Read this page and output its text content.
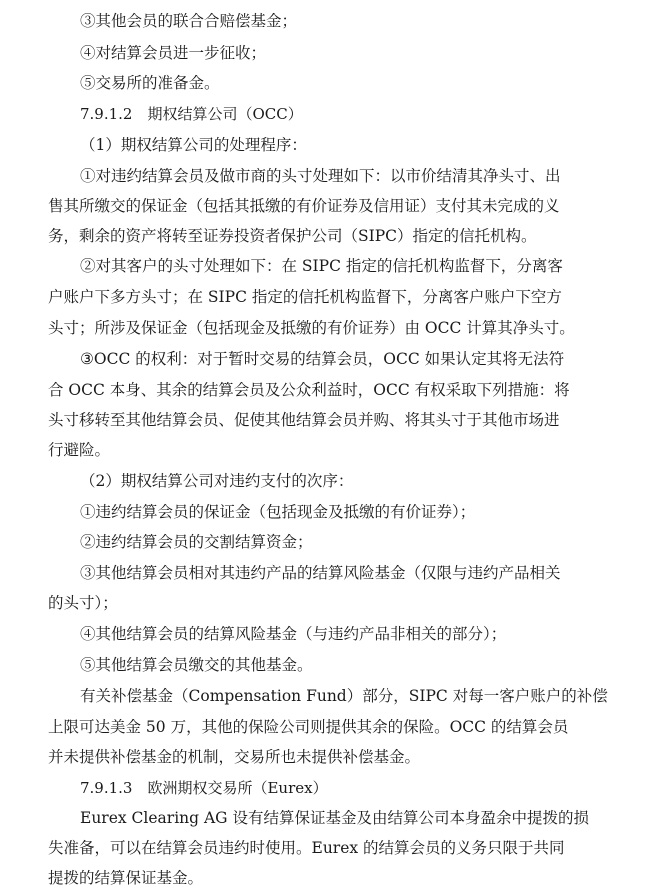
③其他会员的联合合赔偿基金；
④对结算会员进一步征收；
⑤交易所的准备金。
7.9.1.2　期权结算公司（OCC）
（1）期权结算公司的处理程序：
①对违约结算会员及做市商的头寸处理如下：以市价结清其净头寸、出
售其所缴交的保证金（包括其抵缴的有价证券及信用证）支付其未完成的义
务，剩余的资产将转至证券投资者保护公司（SIPC）指定的信托机构。
②对其客户的头寸处理如下：在 SIPC 指定的信托机构监督下，分离客
户账户下多方头寸；在 SIPC 指定的信托机构监督下，分离客户账户下空方
头寸；所涉及保证金（包括现金及抵缴的有价证券）由 OCC 计算其净头寸。
③OCC 的权利：对于暂时交易的结算会员，OCC 如果认定其将无法符
合 OCC 本身、其余的结算会员及公众利益时，OCC 有权采取下列措施：将
头寸移转至其他结算会员、促使其他结算会员并购、将其头寸于其他市场进
行避险。
（2）期权结算公司对违约支付的次序：
①违约结算会员的保证金（包括现金及抵缴的有价证券）；
②违约结算会员的交割结算资金；
③其他结算会员相对其违约产品的结算风险基金（仅限与违约产品相关
的头寸）；
④其他结算会员的结算风险基金（与违约产品非相关的部分）；
⑤其他结算会员缴交的其他基金。
有关补偿基金（Compensation Fund）部分，SIPC 对每一客户账户的补偿
上限可达美金 50 万，其他的保险公司则提供其余的保险。OCC 的结算会员
并未提供补偿基金的机制，交易所也未提供补偿基金。
7.9.1.3　欧洲期权交易所（Eurex）
Eurex Clearing AG 设有结算保证基金及由结算公司本身盈余中提拨的损
失准备，可以在结算会员违约时使用。Eurex 的结算会员的义务只限于共同
提拨的结算保证基金。
